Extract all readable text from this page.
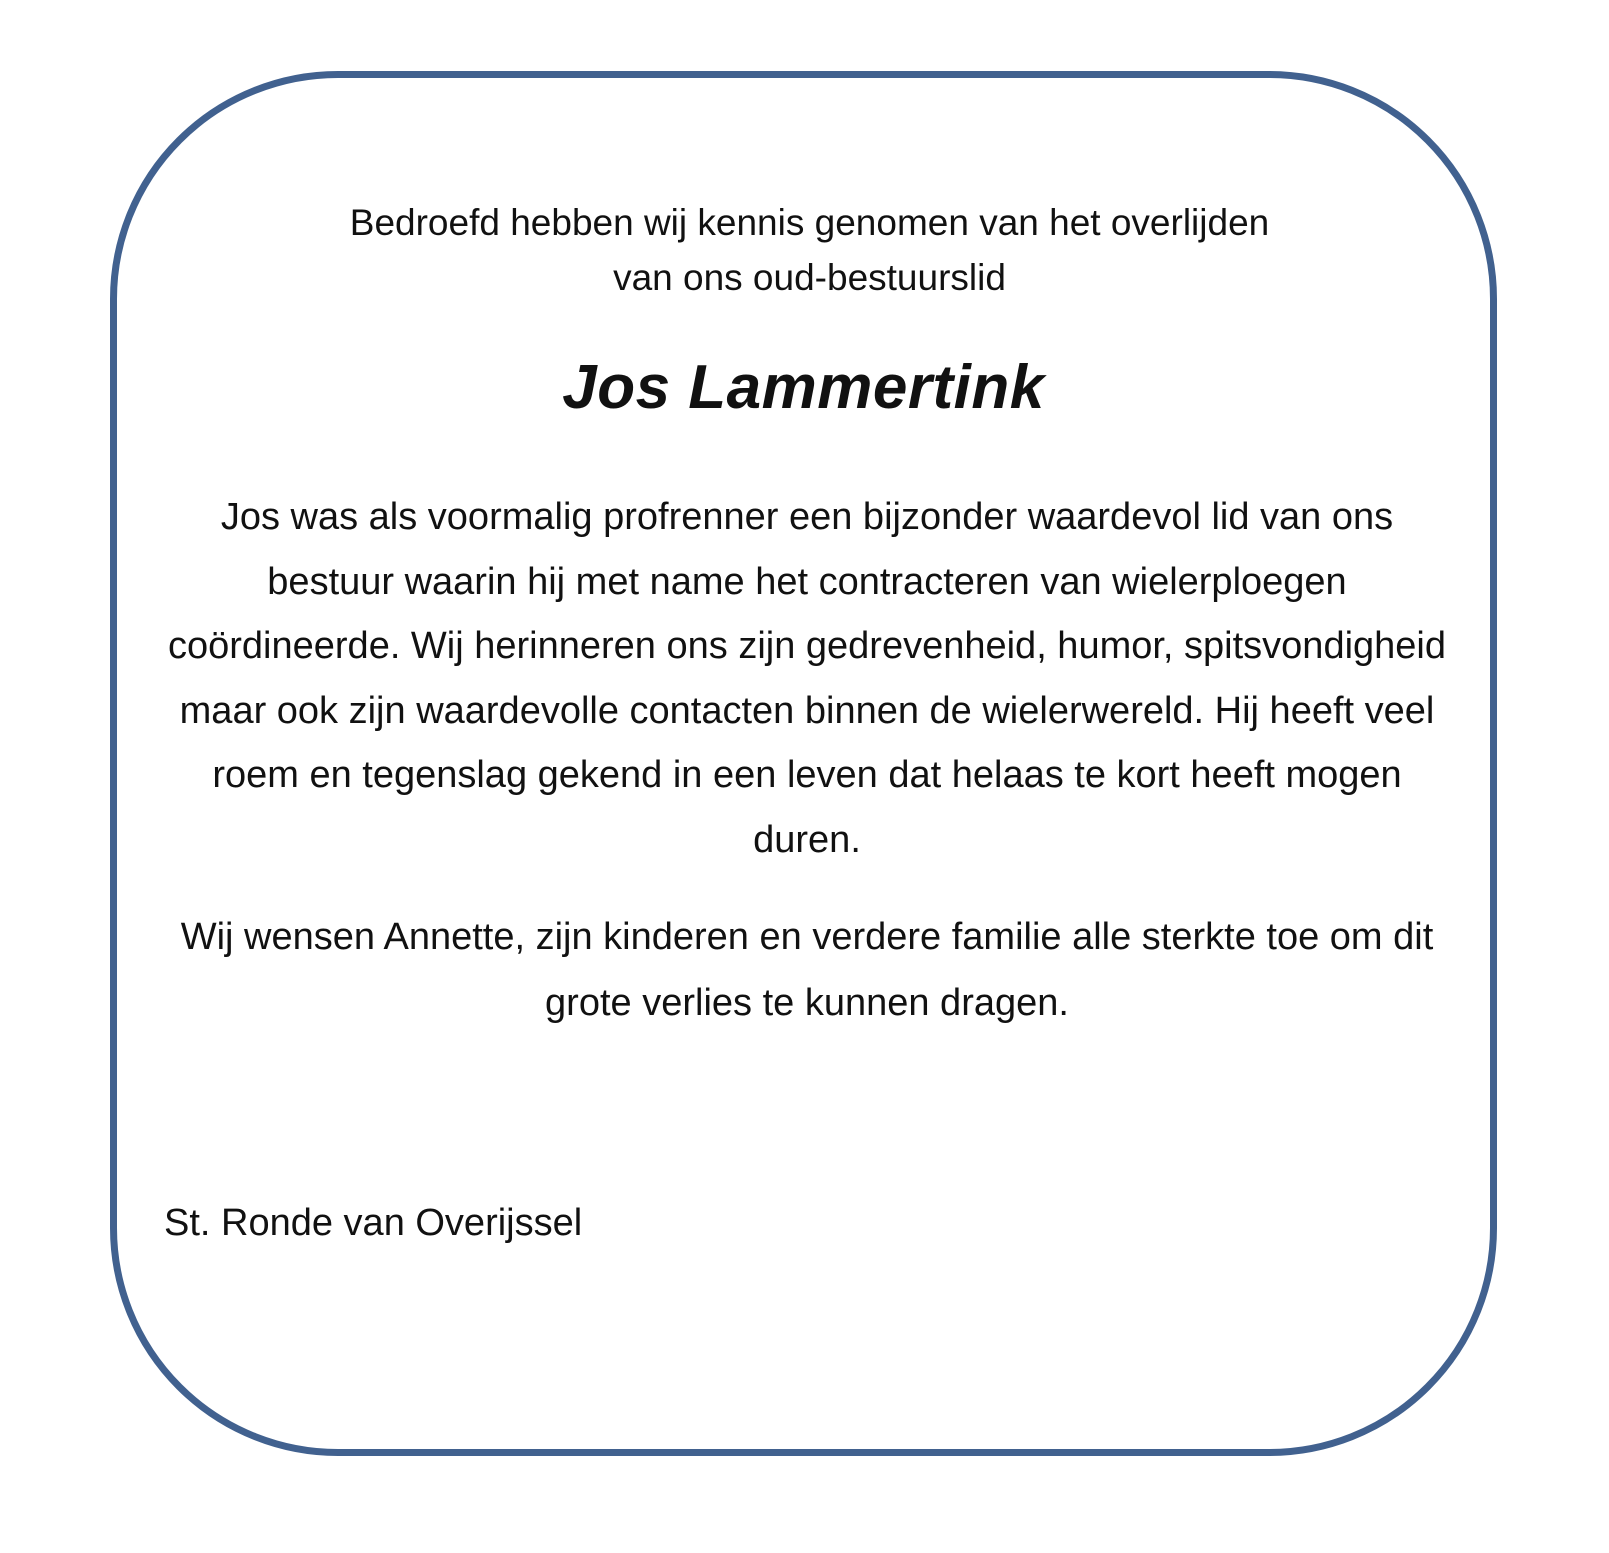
Bedroefd hebben wij kennis genomen van het overlijden
van ons oud-bestuurslid

Jos Lammertink

Jos was als voormalig profrenner een bijzonder waardevol lid van ons bestuur waarin hij met name het contracteren van wielerploegen coördineerde. Wij herinneren ons zijn gedrevenheid, humor, spitsvondigheid maar ook zijn waardevolle contacten binnen de wielerwereld. Hij heeft veel roem en tegenslag gekend in een leven dat helaas te kort heeft mogen duren.

Wij wensen Annette, zijn kinderen en verdere familie alle sterkte toe om dit grote verlies te kunnen dragen.

St. Ronde van Overijssel
